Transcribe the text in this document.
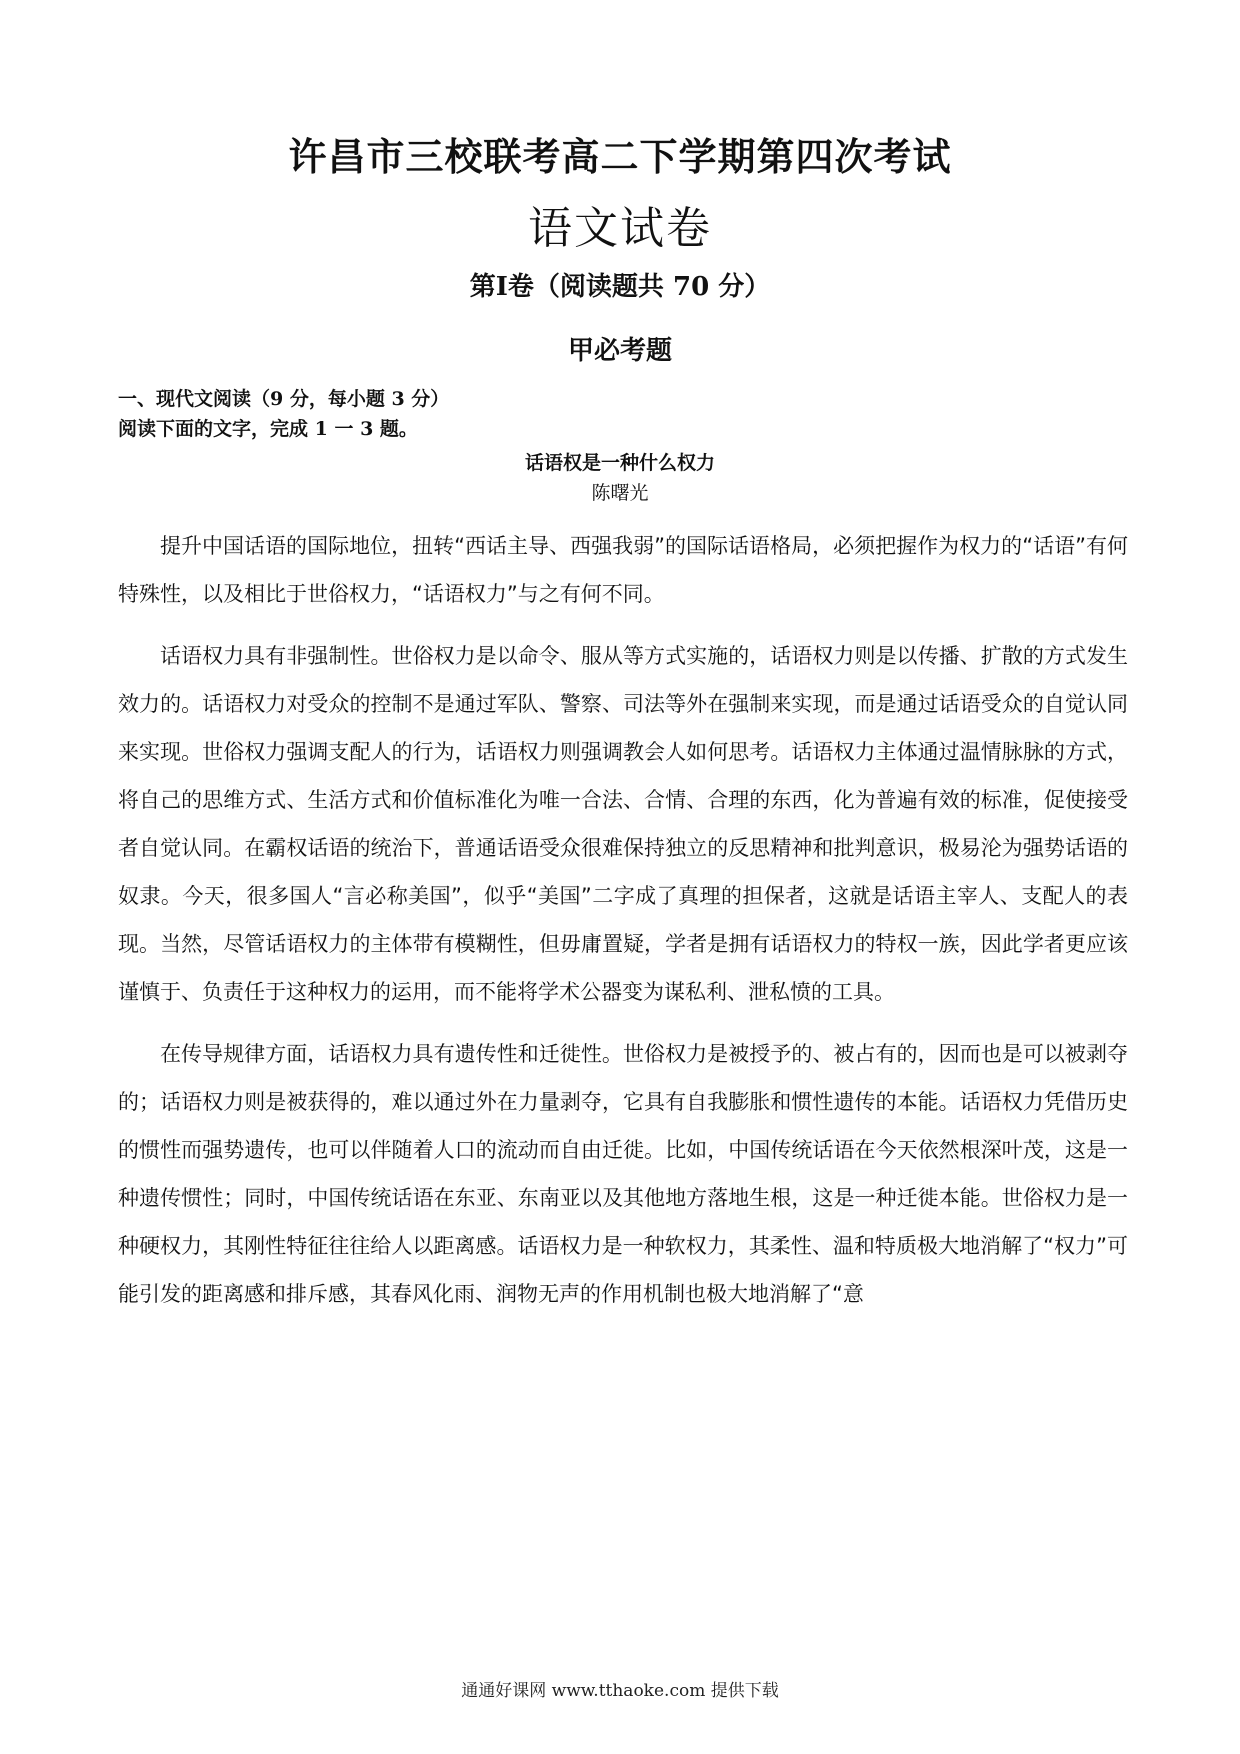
许昌市三校联考高二下学期第四次考试
语文试卷
第Ⅰ卷（阅读题共 70 分）
甲必考题
一、现代文阅读（9 分，每小题 3 分）
阅读下面的文字，完成 1 一 3 题。
话语权是一种什么权力
陈曙光

提升中国话语的国际地位，扭转“西话主导、西强我弱”的国际话语格局，必须把握作为权力的“话语”有何特殊性，以及相比于世俗权力，“话语权力”与之有何不同。

话语权力具有非强制性。世俗权力是以命令、服从等方式实施的，话语权力则是以传播、扩散的方式发生效力的。话语权力对受众的控制不是通过军队、警察、司法等外在强制来实现，而是通过话语受众的自觉认同来实现。世俗权力强调支配人的行为，话语权力则强调教会人如何思考。话语权力主体通过温情脉脉的方式，将自己的思维方式、生活方式和价值标准化为唯一合法、合情、合理的东西，化为普遍有效的标准，促使接受者自觉认同。在霸权话语的统治下，普通话语受众很难保持独立的反思精神和批判意识，极易沦为强势话语的奴隶。今天，很多国人“言必称美国”，似乎“美国”二字成了真理的担保者，这就是话语主宰人、支配人的表现。当然，尽管话语权力的主体带有模糊性，但毋庸置疑，学者是拥有话语权力的特权一族，因此学者更应该谨慎于、负责任于这种权力的运用，而不能将学术公器变为谋私利、泄私愤的工具。

在传导规律方面，话语权力具有遗传性和迁徙性。世俗权力是被授予的、被占有的，因而也是可以被剥夺的；话语权力则是被获得的，难以通过外在力量剥夺，它具有自我膨胀和惯性遗传的本能。话语权力凭借历史的惯性而强势遗传，也可以伴随着人口的流动而自由迁徙。比如，中国传统话语在今天依然根深叶茂，这是一种遗传惯性；同时，中国传统话语在东亚、东南亚以及其他地方落地生根，这是一种迁徙本能。世俗权力是一种硬权力，其刚性特征往往给人以距离感。话语权力是一种软权力，其柔性、温和特质极大地消解了“权力”可能引发的距离感和排斥感，其春风化雨、润物无声的作用机制也极大地消解了“意

通通好课网 www.tthaoke.com 提供下载
